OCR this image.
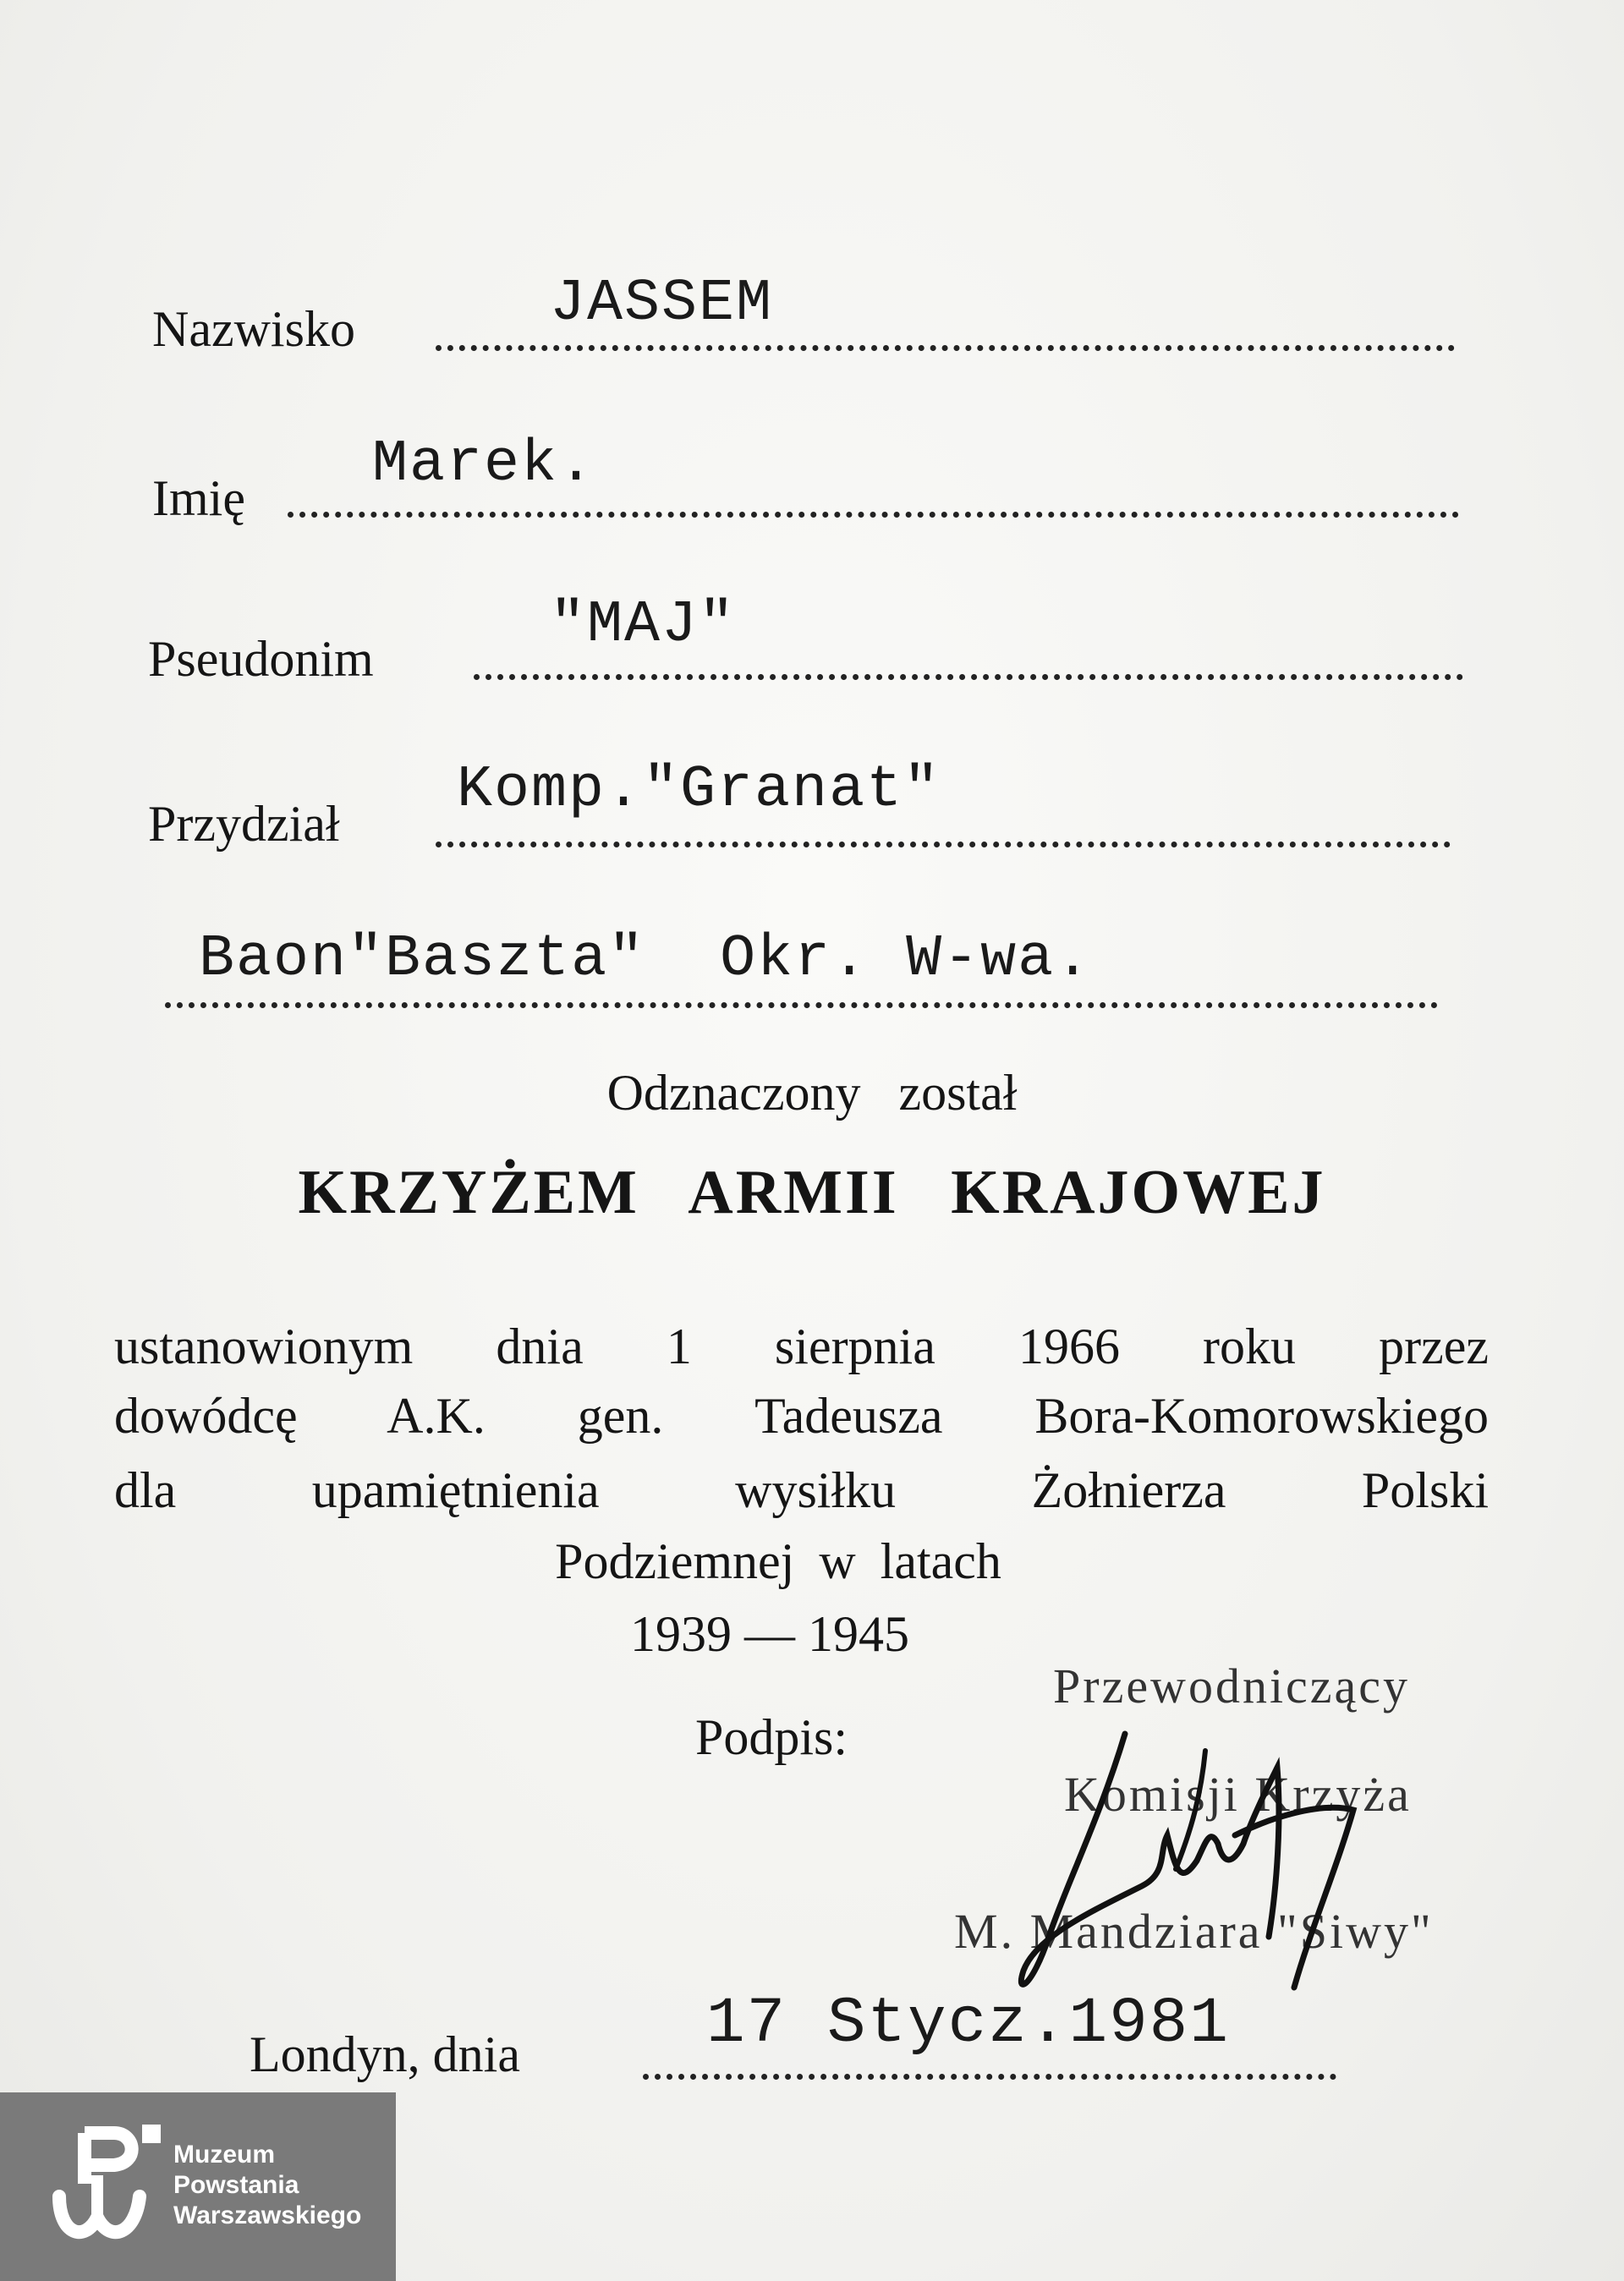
Nazwisko	JASSEM
Imię Marek.
Pseudonim	"MAJ"
Przydział Komp."Granat"
Baon"Baszta"  Okr. W-wa.
Odznaczony został
KRZYŻEM ARMII KRAJOWEJ
ustanowionym dnia 1 sierpnia 1966 roku przez
dowódcę A.K. gen. Tadeusza Bora-Komorowskiego
dla upamiętnienia wysiłku Żołnierza Polski
Podziemnej w latach
1939 — 1945
Podpis:
Przewodniczący
Komisji Krzyża
M. Mandziara "Siwy"
Londyn, dnia	17 Stycz.1981
Muzeum
Powstania
Warszawskiego
